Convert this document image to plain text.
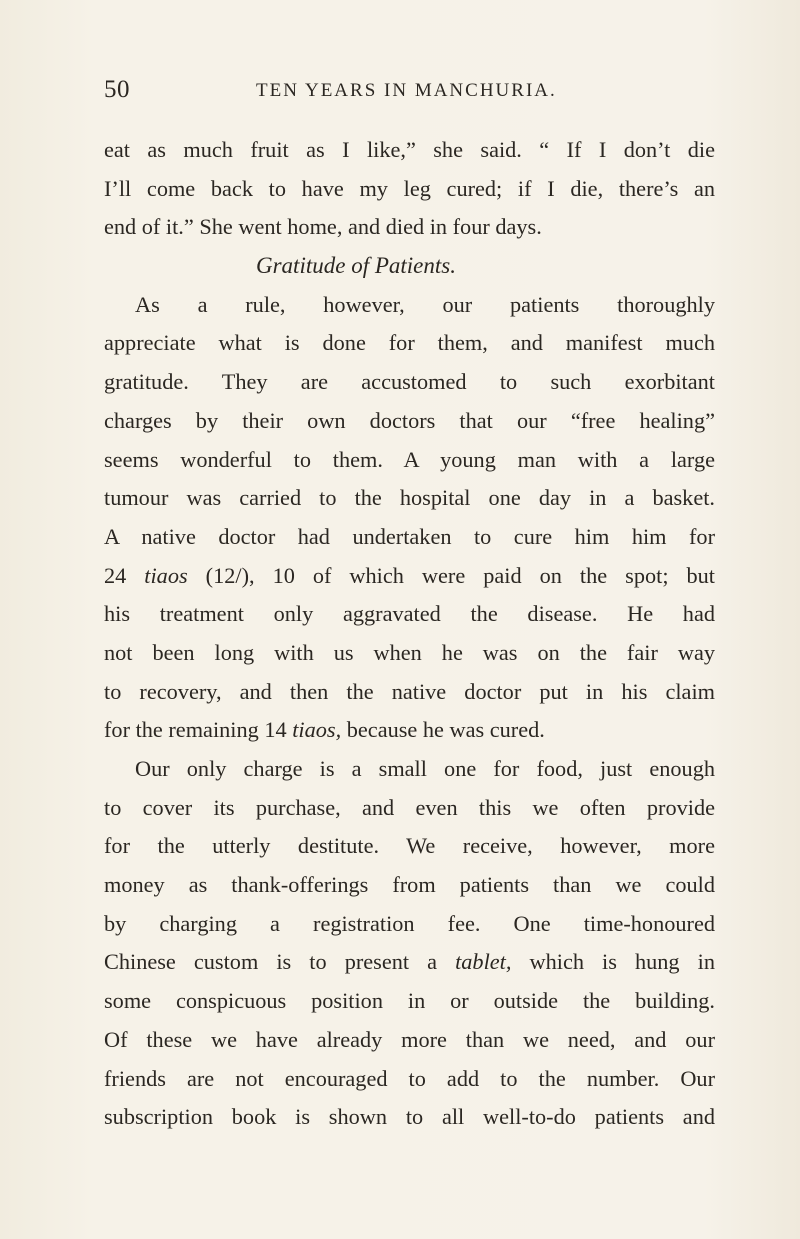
50	TEN YEARS IN MANCHURIA.
eat as much fruit as I like,” she said. “ If I don’t die
I’ll come back to have my leg cured; if I die, there’s an
end of it.” She went home, and died in four days.
Gratitude of Patients.
As a rule, however, our patients thoroughly
appreciate what is done for them, and manifest much
gratitude. They are accustomed to such exorbitant
charges by their own doctors that our “free healing”
seems wonderful to them. A young man with a large
tumour was carried to the hospital one day in a basket.
A native doctor had undertaken to cure him him for
24 tiaos (12/), 10 of which were paid on the spot; but
his treatment only aggravated the disease. He had
not been long with us when he was on the fair way
to recovery, and then the native doctor put in his claim
for the remaining 14 tiaos, because he was cured.
Our only charge is a small one for food, just enough
to cover its purchase, and even this we often provide
for the utterly destitute. We receive, however, more
money as thank-offerings from patients than we could
by charging a registration fee. One time-honoured
Chinese custom is to present a tablet, which is hung in
some conspicuous position in or outside the building.
Of these we have already more than we need, and our
friends are not encouraged to add to the number. Our
subscription book is shown to all well-to-do patients and
